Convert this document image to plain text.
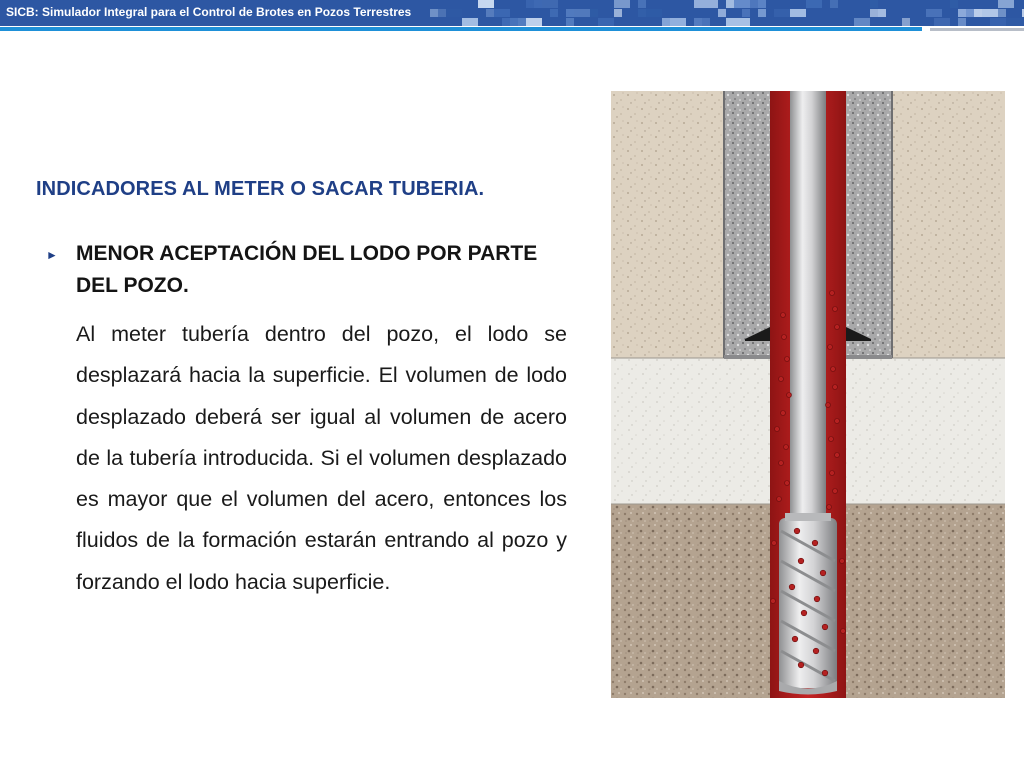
SICB: Simulador Integral para el Control de Brotes en Pozos Terrestres
INDICADORES AL METER O SACAR TUBERIA.
► MENOR ACEPTACIÓN DEL LODO POR PARTE DEL POZO.

Al meter tubería dentro del pozo, el lodo se desplazará hacia la superficie. El volumen de lodo desplazado deberá ser igual al volumen de acero de la tubería introducida. Si el volumen desplazado es mayor que el volumen del acero, entonces los fluidos de la formación estarán entrando al pozo y forzando el lodo hacia superficie.
